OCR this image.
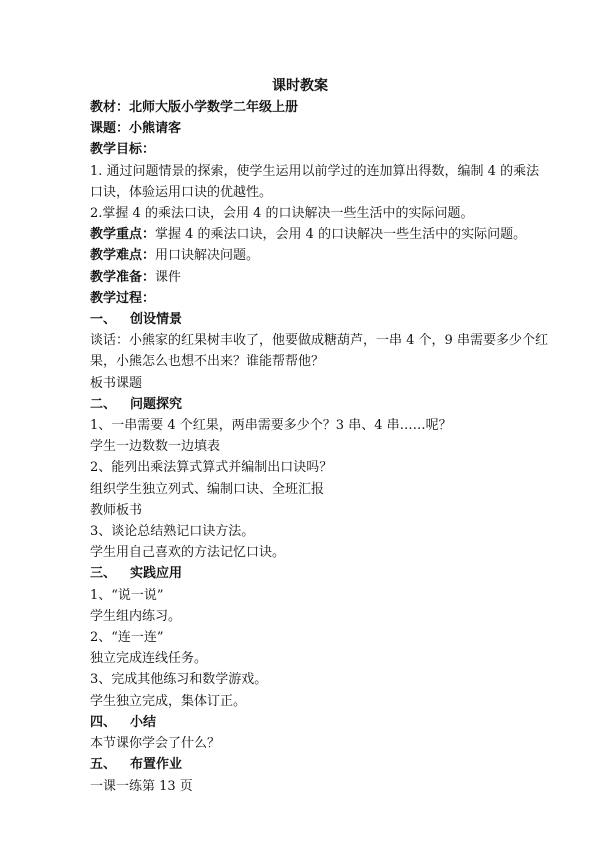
课时教案

教材：北师大版小学数学二年级上册

课题：小熊请客

教学目标：

1. 通过问题情景的探索，使学生运用以前学过的连加算出得数，编制 4 的乘法

口诀，体验运用口诀的优越性。

2.掌握 4 的乘法口诀，会用 4 的口诀解决一些生活中的实际问题。

教学重点：掌握 4 的乘法口诀，会用 4 的口诀解决一些生活中的实际问题。

教学难点：用口诀解决问题。

教学准备：课件

教学过程：

一、 创设情景

谈话：小熊家的红果树丰收了，他要做成糖葫芦，一串 4 个，9 串需要多少个红

果，小熊怎么也想不出来？谁能帮帮他？

板书课题

二、 问题探究

1、一串需要 4 个红果，两串需要多少个？3 串、4 串……呢？

学生一边数数一边填表

2、能列出乘法算式算式并编制出口诀吗？

组织学生独立列式、编制口诀、全班汇报

教师板书

3、谈论总结熟记口诀方法。

学生用自己喜欢的方法记忆口诀。

三、 实践应用

1、“说一说”

学生组内练习。

2、“连一连”

独立完成连线任务。

3、完成其他练习和数学游戏。

学生独立完成，集体订正。

四、 小结

本节课你学会了什么？

五、 布置作业

一课一练第 13 页
